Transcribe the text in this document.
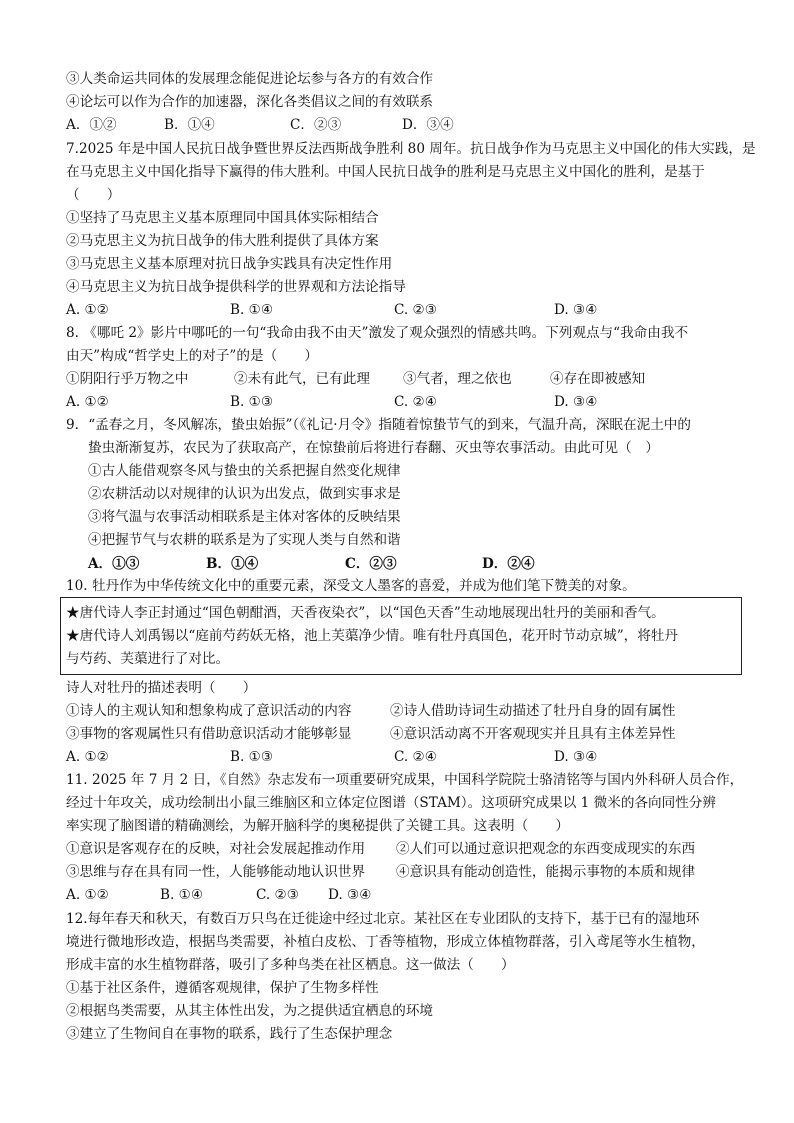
③人类命运共同体的发展理念能促进论坛参与各方的有效合作
④论坛可以作为合作的加速器，深化各类倡议之间的有效联系
A．①②	B．①④	C．②③	D．③④
7.2025 年是中国人民抗日战争暨世界反法西斯战争胜利 80 周年。抗日战争作为马克思主义中国化的伟大实践，是
在马克思主义中国化指导下赢得的伟大胜利。中国人民抗日战争的胜利是马克思主义中国化的胜利，是基于
（　　）
①坚持了马克思主义基本原理同中国具体实际相结合
②马克思主义为抗日战争的伟大胜利提供了具体方案
③马克思主义基本原理对抗日战争实践具有决定性作用
④马克思主义为抗日战争提供科学的世界观和方法论指导
A. ①②	B. ①④	C. ②③	D. ③④
8. 《哪吒 2》影片中哪吒的一句“我命由我不由天”激发了观众强烈的情感共鸣。下列观点与“我命由我不
由天”构成“哲学史上的对子”的是（　　）
①阴阳行乎万物之中	②未有此气，已有此理 ③气者，理之依也	④存在即被感知
A. ①②	B. ①③	C. ②④	D. ③④
9．“孟春之月，冬风解冻，蛰虫始振”（《礼记·月令》指随着惊蛰节气的到来，气温升高，深眠在泥土中的
蛰虫渐渐复苏，农民为了获取高产，在惊蛰前后将进行春翻、灭虫等农事活动。由此可见（　）
①古人能借观察冬风与蛰虫的关系把握自然变化规律
②农耕活动以对规律的认识为出发点，做到实事求是
③将气温与农事活动相联系是主体对客体的反映结果
④把握节气与农耕的联系是为了实现人类与自然和谐
A．①③	B．①④	C．②③	D．②④
10. 牡丹作为中华传统文化中的重要元素，深受文人墨客的喜爱，并成为他们笔下赞美的对象。
★唐代诗人李正封通过“国色朝酣酒，天香夜染衣”，以“国色天香”生动地展现出牡丹的美丽和香气。
★唐代诗人刘禹锡以“庭前芍药妖无格，池上芙蕖净少情。唯有牡丹真国色，花开时节动京城”，将牡丹
与芍药、芙蕖进行了对比。
诗人对牡丹的描述表明（　　）
①诗人的主观认知和想象构成了意识活动的内容	②诗人借助诗词生动描述了牡丹自身的固有属性
③事物的客观属性只有借助意识活动才能够彰显	④意识活动离不开客观现实并且具有主体差异性
A. ①②	B. ①③	C. ②④	D. ③④
11. 2025 年 7 月 2 日，《自然》杂志发布一项重要研究成果，中国科学院院士骆清铭等与国内外科研人员合作，
经过十年攻关，成功绘制出小鼠三维脑区和立体定位图谱（STAM）。这项研究成果以 1 微米的各向同性分辨
率实现了脑图谱的精确测绘，为解开脑科学的奥秘提供了关键工具。这表明（　　）
①意识是客观存在的反映，对社会发展起推动作用 ②人们可以通过意识把观念的东西变成现实的东西
③思维与存在具有同一性，人能够能动地认识世界 ④意识具有能动创造性，能揭示事物的本质和规律
A. ①②	B. ①④	C. ②③ D. ③④
12.每年春天和秋天，有数百万只鸟在迁徙途中经过北京。某社区在专业团队的支持下，基于已有的湿地环
境进行微地形改造，根据鸟类需要，补植白皮松、丁香等植物，形成立体植物群落，引入鸢尾等水生植物，
形成丰富的水生植物群落，吸引了多种鸟类在社区栖息。这一做法（　　）
①基于社区条件，遵循客观规律，保护了生物多样性
②根据鸟类需要，从其主体性出发，为之提供适宜栖息的环境
③建立了生物间自在事物的联系，践行了生态保护理念
